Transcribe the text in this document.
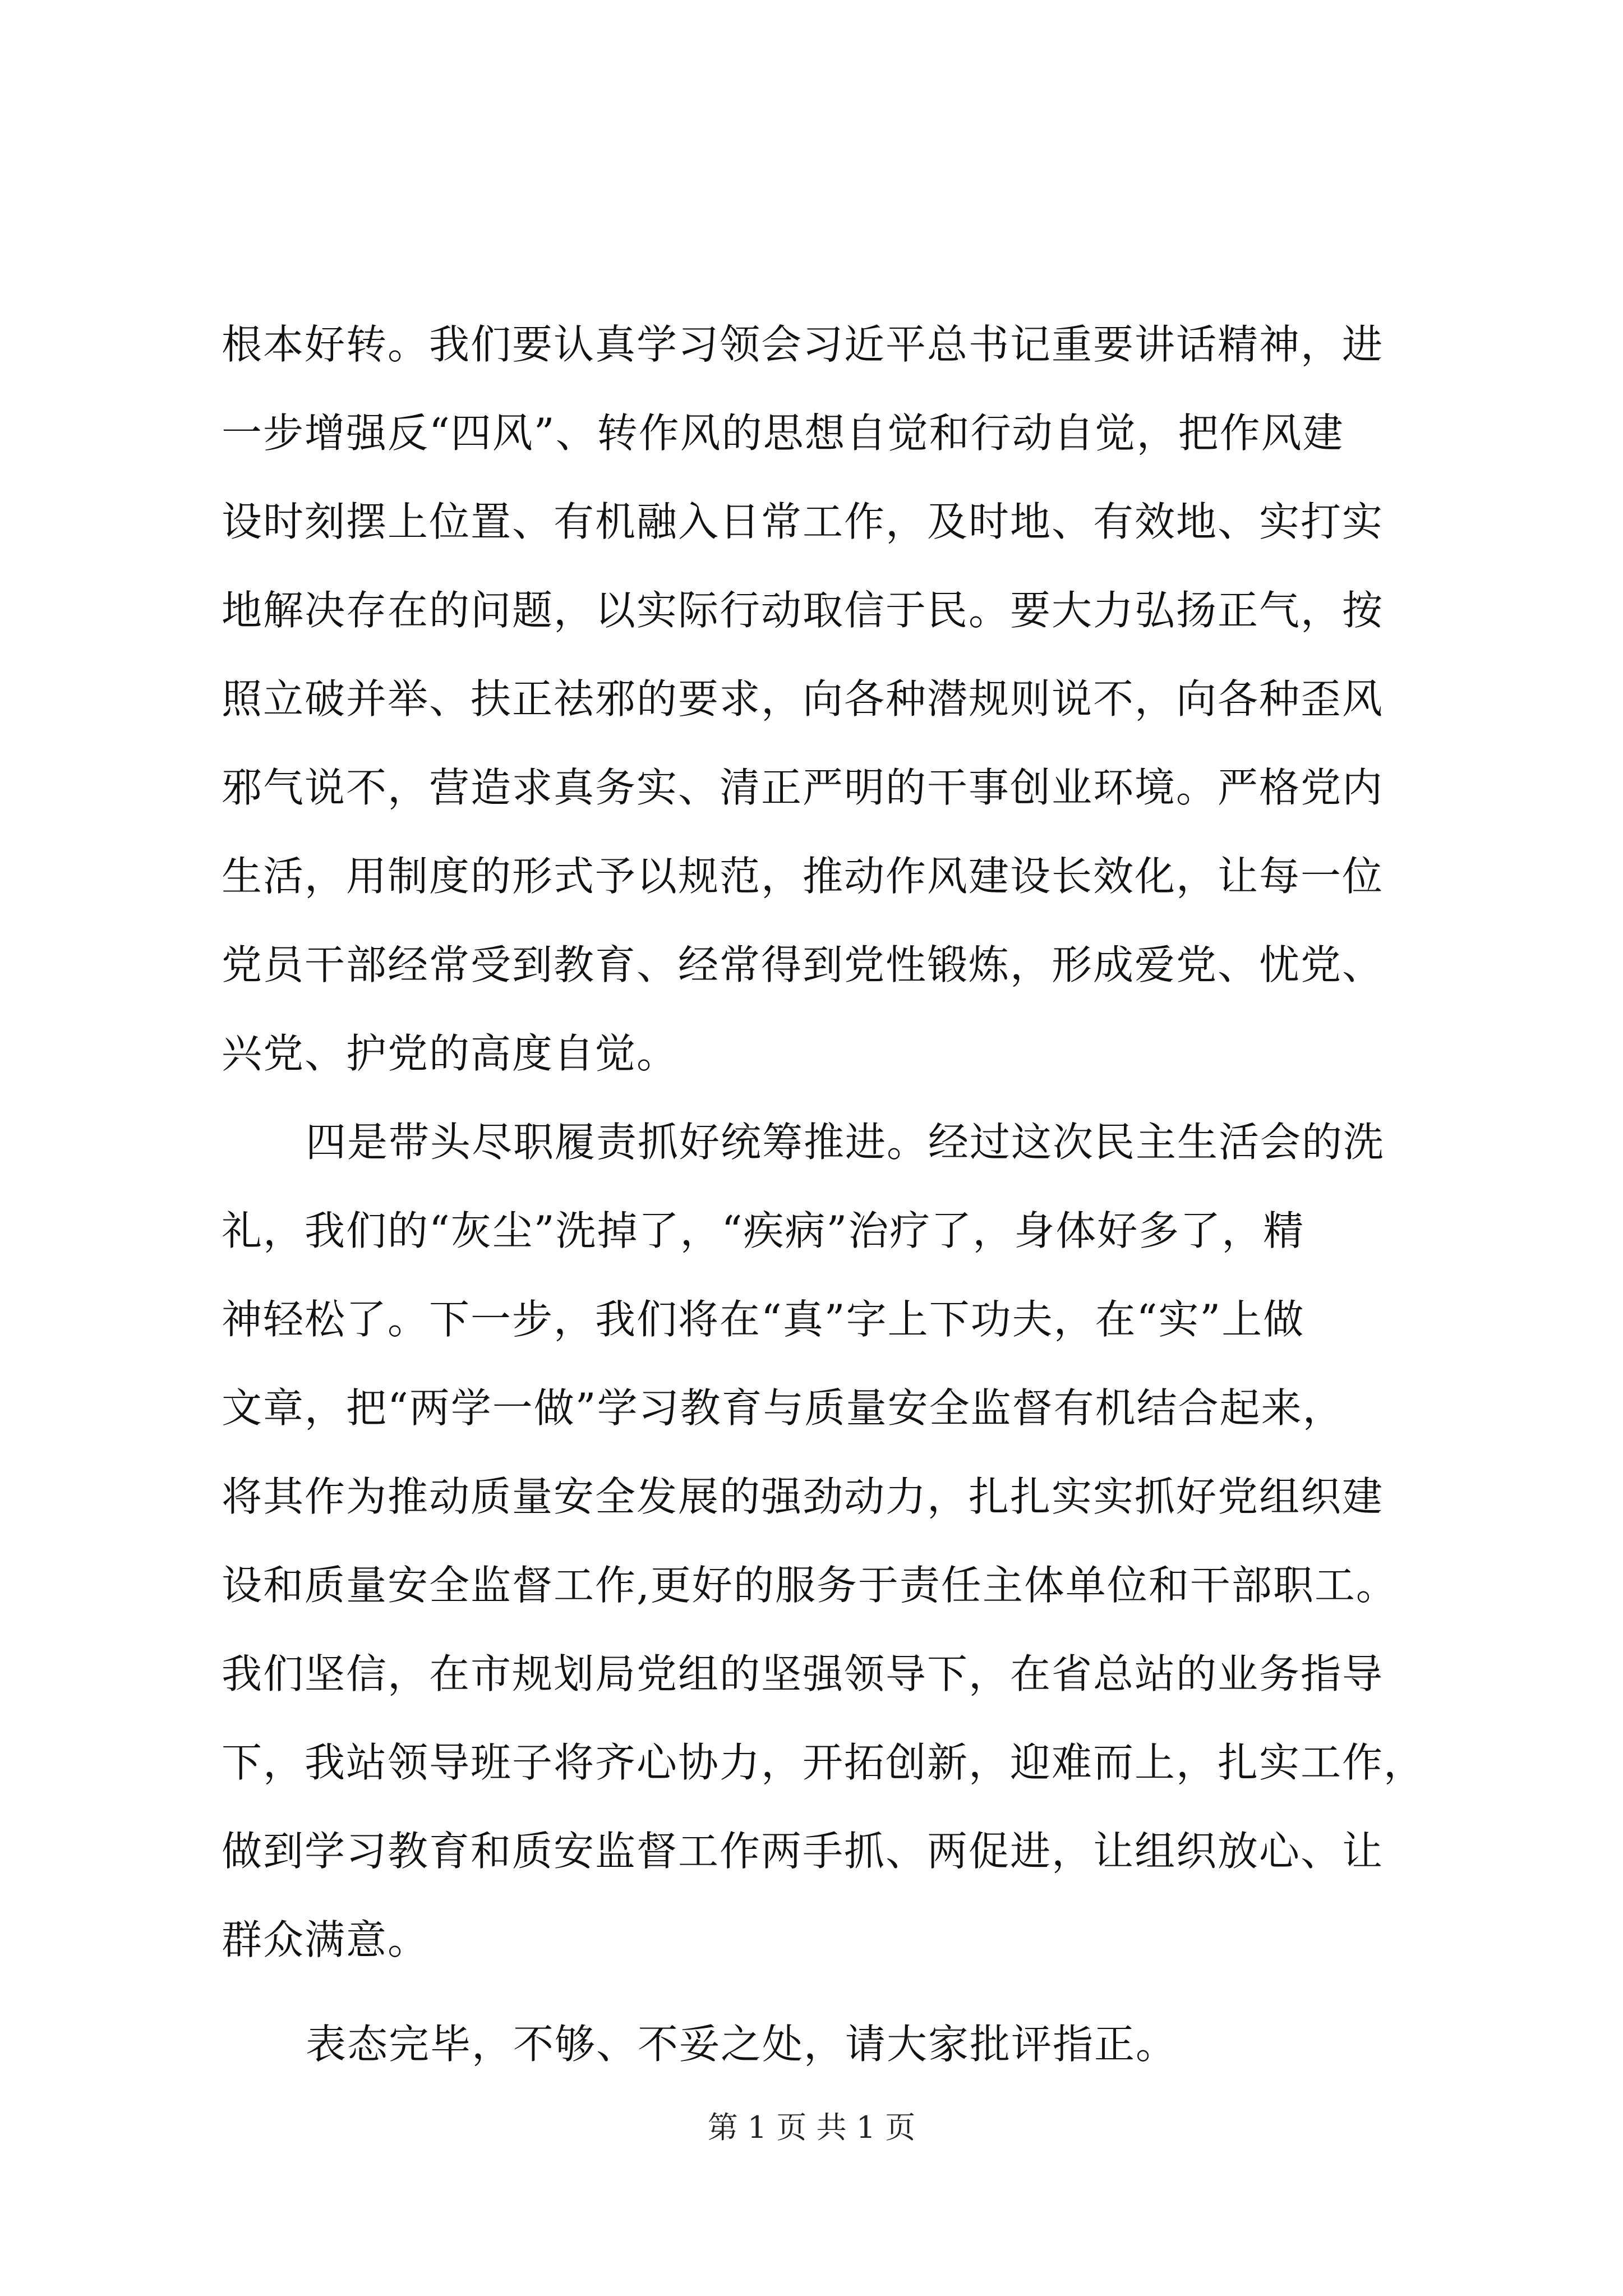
根本好转。我们要认真学习领会习近平总书记重要讲话精神，进
一步增强反“四风”、转作风的思想自觉和行动自觉，把作风建
设时刻摆上位置、有机融入日常工作，及时地、有效地、实打实
地解决存在的问题，以实际行动取信于民。要大力弘扬正气，按
照立破并举、扶正祛邪的要求，向各种潜规则说不，向各种歪风
邪气说不，营造求真务实、清正严明的干事创业环境。严格党内
生活，用制度的形式予以规范，推动作风建设长效化，让每一位
党员干部经常受到教育、经常得到党性锻炼，形成爱党、忧党、
兴党、护党的高度自觉。
四是带头尽职履责抓好统筹推进。经过这次民主生活会的洗
礼，我们的“灰尘”洗掉了，“疾病”治疗了，身体好多了，精
神轻松了。下一步，我们将在“真”字上下功夫，在“实”上做
文章，把“两学一做”学习教育与质量安全监督有机结合起来，
将其作为推动质量安全发展的强劲动力，扎扎实实抓好党组织建
设和质量安全监督工作,更好的服务于责任主体单位和干部职工。
我们坚信，在市规划局党组的坚强领导下，在省总站的业务指导
下，我站领导班子将齐心协力，开拓创新，迎难而上，扎实工作，
做到学习教育和质安监督工作两手抓、两促进，让组织放心、让
群众满意。
表态完毕，不够、不妥之处，请大家批评指正。
第 1 页 共 1 页
